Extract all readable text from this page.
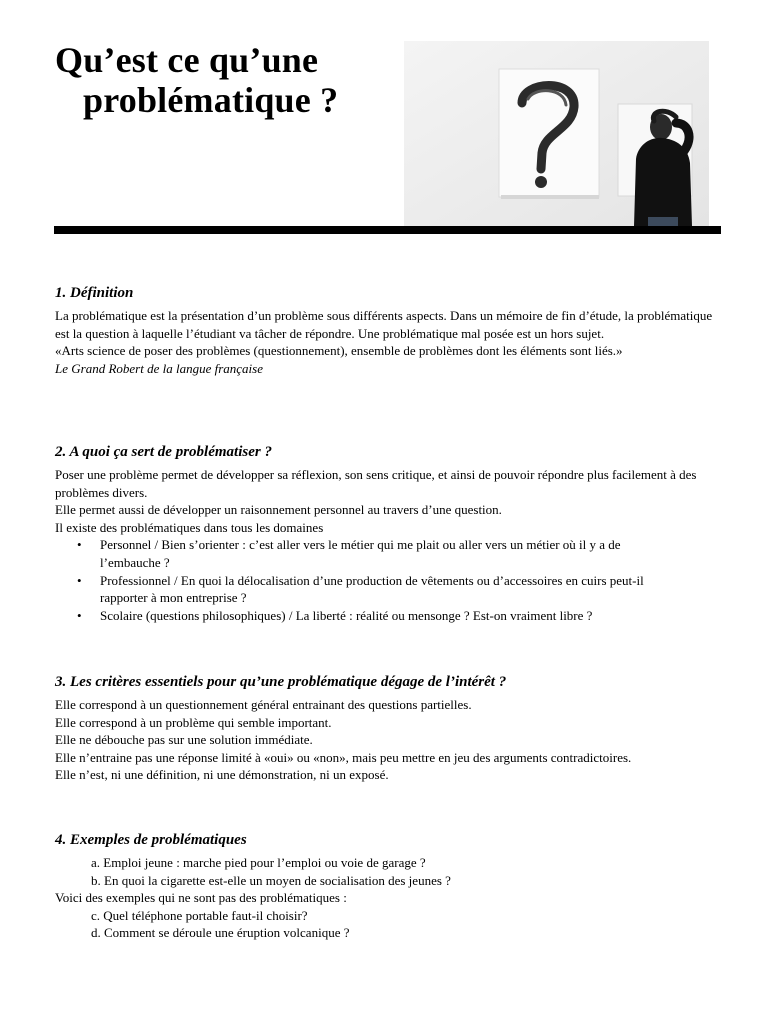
Qu’est ce qu’une
problématique ?
1. Définition

La problématique est la présentation d’un problème sous différents aspects. Dans un mémoire de fin d’étude, la problématique est la question à laquelle l’étudiant va tâcher de répondre. Une problématique mal posée est un hors sujet.

«Arts science de poser des problèmes (questionnement), ensemble de problèmes dont les éléments sont liés.»

Le Grand Robert de la langue française

2. A quoi ça sert de problématiser ?

Poser une problème permet de développer sa réflexion, son sens critique, et ainsi de pouvoir répondre plus facilement à des problèmes divers.

Elle permet aussi de développer un raisonnement personnel au travers d’une question.

Il existe des problématiques dans tous les domaines

• Personnel / Bien s’orienter : c’est aller vers le métier qui me plait ou aller vers un métier où il y a de l’embauche ?
• Professionnel / En quoi la délocalisation d’une production de vêtements ou d’accessoires en cuirs peut-il rapporter à mon entreprise ?
• Scolaire (questions philosophiques) / La liberté : réalité ou mensonge ? Est-on vraiment libre ?
3. Les critères essentiels pour qu’une problématique dégage de l’intérêt ?

Elle correspond à un questionnement général entrainant des questions partielles.

Elle correspond à un problème qui semble important.

Elle ne débouche pas sur une solution immédiate.

Elle n’entraine pas une réponse limité à «oui» ou «non», mais peu mettre en jeu des arguments contradictoires.

Elle n’est, ni une définition, ni une démonstration, ni un exposé.

4. Exemples de problématiques

a. Emploi jeune : marche pied pour l’emploi ou voie de garage ?

b. En quoi la cigarette est-elle un moyen de socialisation des jeunes ?

Voici des exemples qui ne sont pas des problématiques :

c. Quel téléphone portable faut-il choisir?

d. Comment se déroule une éruption volcanique ?
